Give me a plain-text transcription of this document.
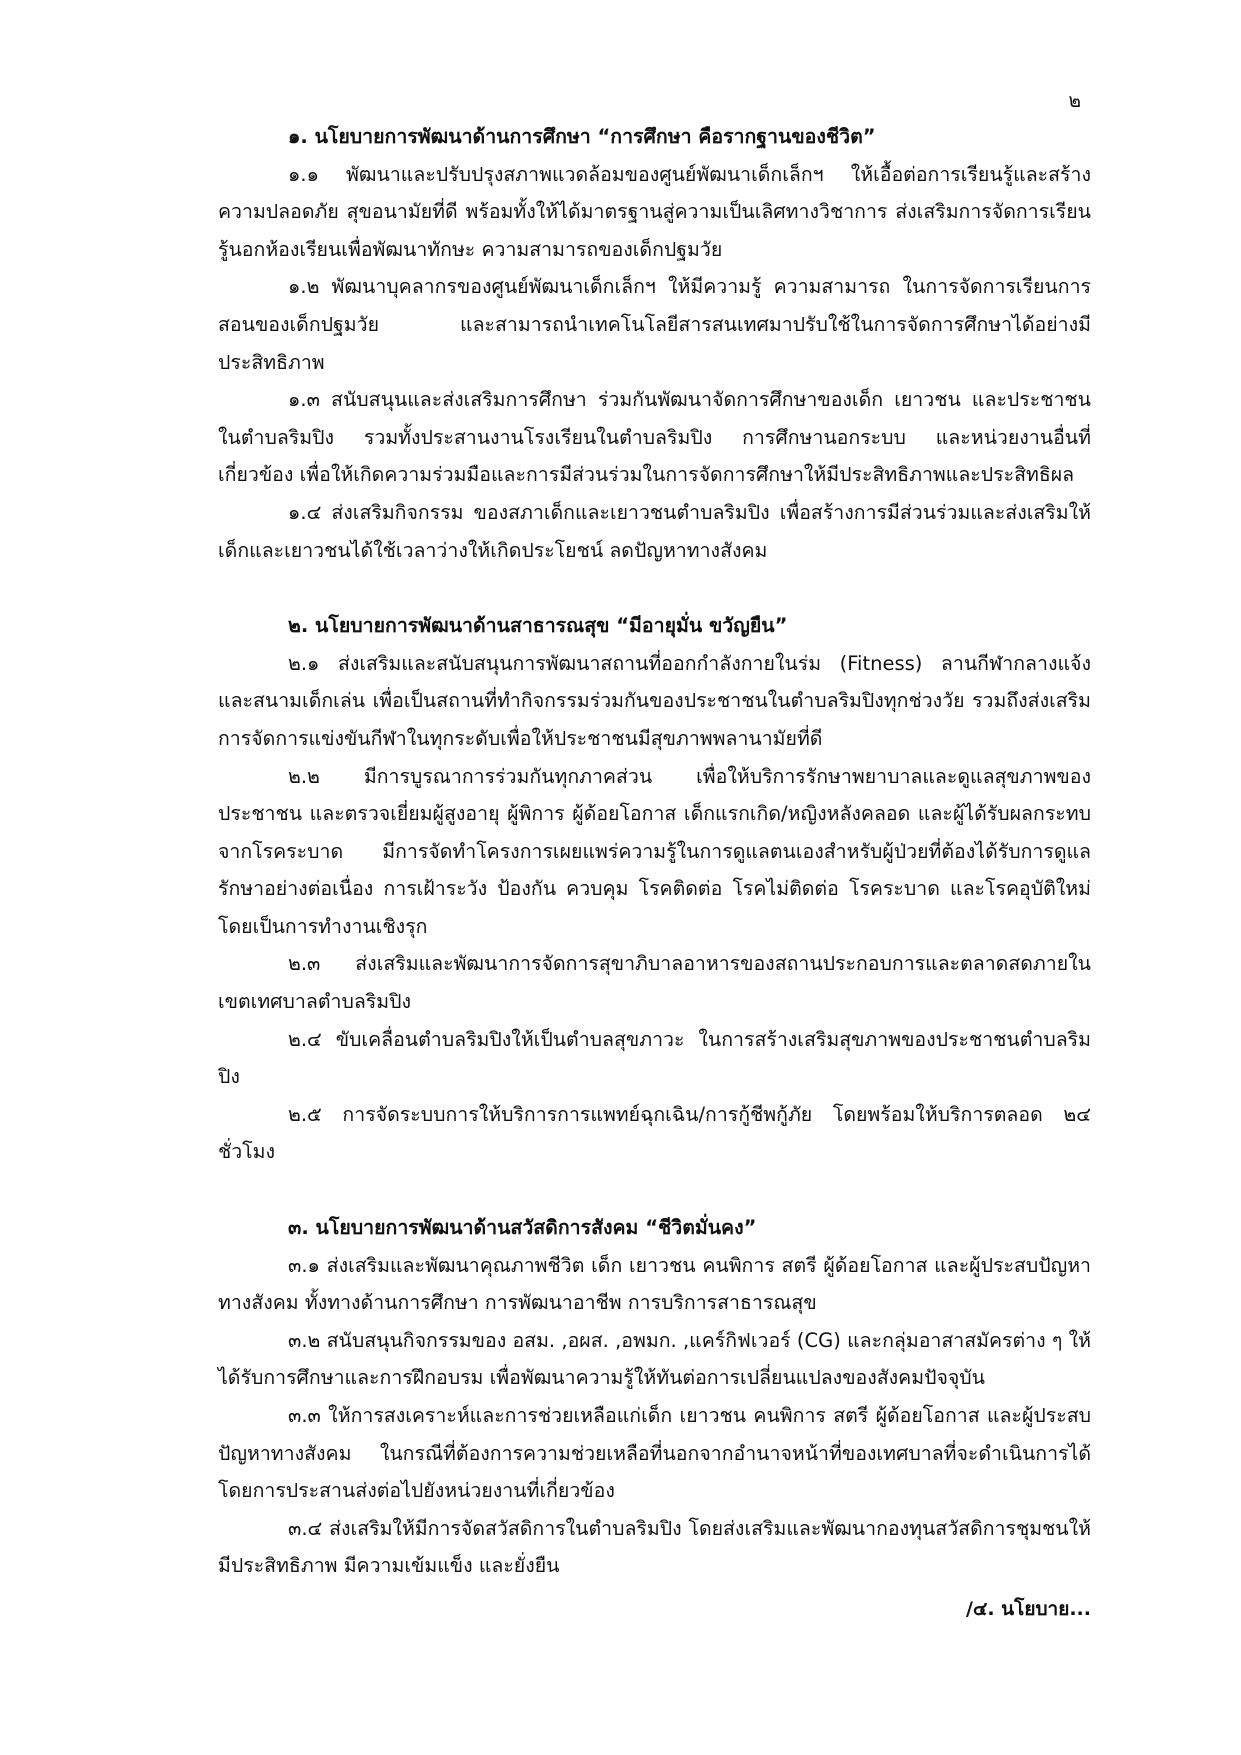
๒

๑. นโยบายการพัฒนาด้านการศึกษา “การศึกษา คือรากฐานของชีวิต”

๑.๑ พัฒนาและปรับปรุงสภาพแวดล้อมของศูนย์พัฒนาเด็กเล็กฯ ให้เอื้อต่อการเรียนรู้และสร้างความปลอดภัย สุขอนามัยที่ดี พร้อมทั้งให้ได้มาตรฐานสู่ความเป็นเลิศทางวิชาการ ส่งเสริมการจัดการเรียนรู้นอกห้องเรียนเพื่อพัฒนาทักษะ ความสามารถของเด็กปฐมวัย

๑.๒ พัฒนาบุคลากรของศูนย์พัฒนาเด็กเล็กฯ ให้มีความรู้ ความสามารถ ในการจัดการเรียนการสอนของเด็กปฐมวัย และสามารถนำเทคโนโลยีสารสนเทศมาปรับใช้ในการจัดการศึกษาได้อย่างมีประสิทธิภาพ

๑.๓ สนับสนุนและส่งเสริมการศึกษา ร่วมกันพัฒนาจัดการศึกษาของเด็ก เยาวชน และประชาชน ในตำบลริมปิง รวมทั้งประสานงานโรงเรียนในตำบลริมปิง การศึกษานอกระบบ และหน่วยงานอื่นที่เกี่ยวข้อง เพื่อให้เกิดความร่วมมือและการมีส่วนร่วมในการจัดการศึกษาให้มีประสิทธิภาพและประสิทธิผล

๑.๔ ส่งเสริมกิจกรรม ของสภาเด็กและเยาวชนตำบลริมปิง เพื่อสร้างการมีส่วนร่วมและส่งเสริมให้เด็กและเยาวชนได้ใช้เวลาว่างให้เกิดประโยชน์ ลดปัญหาทางสังคม

๒. นโยบายการพัฒนาด้านสาธารณสุข “มีอายุมั่น ขวัญยืน”

๒.๑ ส่งเสริมและสนับสนุนการพัฒนาสถานที่ออกกำลังกายในร่ม (Fitness) ลานกีฬากลางแจ้ง และสนามเด็กเล่น เพื่อเป็นสถานที่ทำกิจกรรมร่วมกันของประชาชนในตำบลริมปิงทุกช่วงวัย รวมถึงส่งเสริมการจัดการแข่งขันกีฬาในทุกระดับเพื่อให้ประชาชนมีสุขภาพพลานามัยที่ดี

๒.๒ มีการบูรณาการร่วมกันทุกภาคส่วน เพื่อให้บริการรักษาพยาบาลและดูแลสุขภาพของประชาชน และตรวจเยี่ยมผู้สูงอายุ ผู้พิการ ผู้ด้อยโอกาส เด็กแรกเกิด/หญิงหลังคลอด และผู้ได้รับผลกระทบจากโรคระบาด มีการจัดทำโครงการเผยแพร่ความรู้ในการดูแลตนเองสำหรับผู้ป่วยที่ต้องได้รับการดูแลรักษาอย่างต่อเนื่อง การเฝ้าระวัง ป้องกัน ควบคุม โรคติดต่อ โรคไม่ติดต่อ โรคระบาด และโรคอุบัติใหม่ โดยเป็นการทำงานเชิงรุก

๒.๓ ส่งเสริมและพัฒนาการจัดการสุขาภิบาลอาหารของสถานประกอบการและตลาดสดภายในเขตเทศบาลตำบลริมปิง

๒.๔ ขับเคลื่อนตำบลริมปิงให้เป็นตำบลสุขภาวะ ในการสร้างเสริมสุขภาพของประชาชนตำบลริมปิง

๒.๕ การจัดระบบการให้บริการการแพทย์ฉุกเฉิน/การกู้ชีพกู้ภัย โดยพร้อมให้บริการตลอด ๒๔ ชั่วโมง

๓. นโยบายการพัฒนาด้านสวัสดิการสังคม “ชีวิตมั่นคง”

๓.๑ ส่งเสริมและพัฒนาคุณภาพชีวิต เด็ก เยาวชน คนพิการ สตรี ผู้ด้อยโอกาส และผู้ประสบปัญหาทางสังคม ทั้งทางด้านการศึกษา การพัฒนาอาชีพ การบริการสาธารณสุข

๓.๒ สนับสนุนกิจกรรมของ อสม. ,อผส. ,อพมก. ,แคร์กิฟเวอร์ (CG) และกลุ่มอาสาสมัครต่าง ๆ ให้ได้รับการศึกษาและการฝึกอบรม เพื่อพัฒนาความรู้ให้ทันต่อการเปลี่ยนแปลงของสังคมปัจจุบัน

๓.๓ ให้การสงเคราะห์และการช่วยเหลือแก่เด็ก เยาวชน คนพิการ สตรี ผู้ด้อยโอกาส และผู้ประสบปัญหาทางสังคม ในกรณีที่ต้องการความช่วยเหลือที่นอกจากอำนาจหน้าที่ของเทศบาลที่จะดำเนินการได้ โดยการประสานส่งต่อไปยังหน่วยงานที่เกี่ยวข้อง

๓.๔ ส่งเสริมให้มีการจัดสวัสดิการในตำบลริมปิง โดยส่งเสริมและพัฒนากองทุนสวัสดิการชุมชนให้มีประสิทธิภาพ มีความเข้มแข็ง และยั่งยืน

/๔. นโยบาย...
